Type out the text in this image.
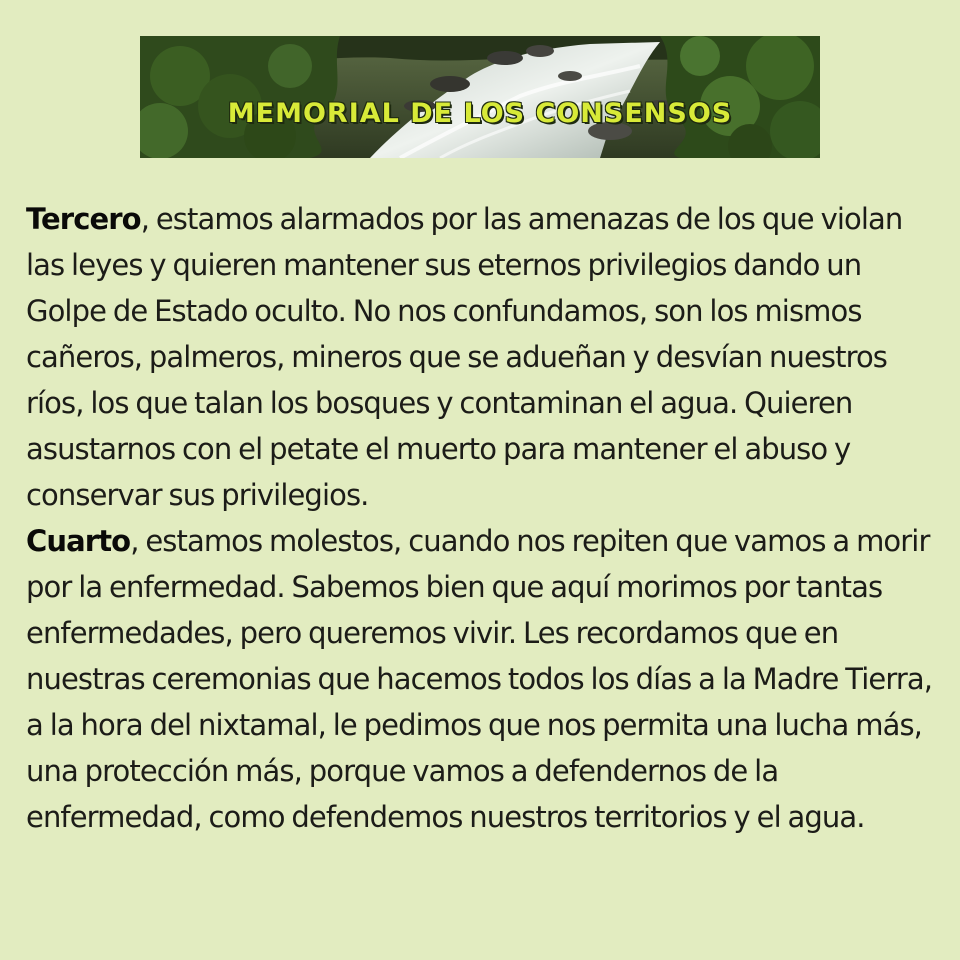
MEMORIAL DE LOS CONSENSOS

Tercero, estamos alarmados por las amenazas de los que violan las leyes y quieren mantener sus eternos privilegios dando un Golpe de Estado oculto. No nos confundamos, son los mismos cañeros, palmeros, mineros que se adueñan y desvían nuestros ríos, los que talan los bosques y contaminan el agua. Quieren asustarnos con el petate el muerto para mantener el abuso y conservar sus privilegios.

Cuarto, estamos molestos, cuando nos repiten que vamos a morir por la enfermedad. Sabemos bien que aquí morimos por tantas enfermedades, pero queremos vivir. Les recordamos que en nuestras ceremonias que hacemos todos los días a la Madre Tierra, a la hora del nixtamal, le pedimos que nos permita una lucha más, una protección más, porque vamos a defendernos de la enfermedad, como defendemos nuestros territorios y el agua.
